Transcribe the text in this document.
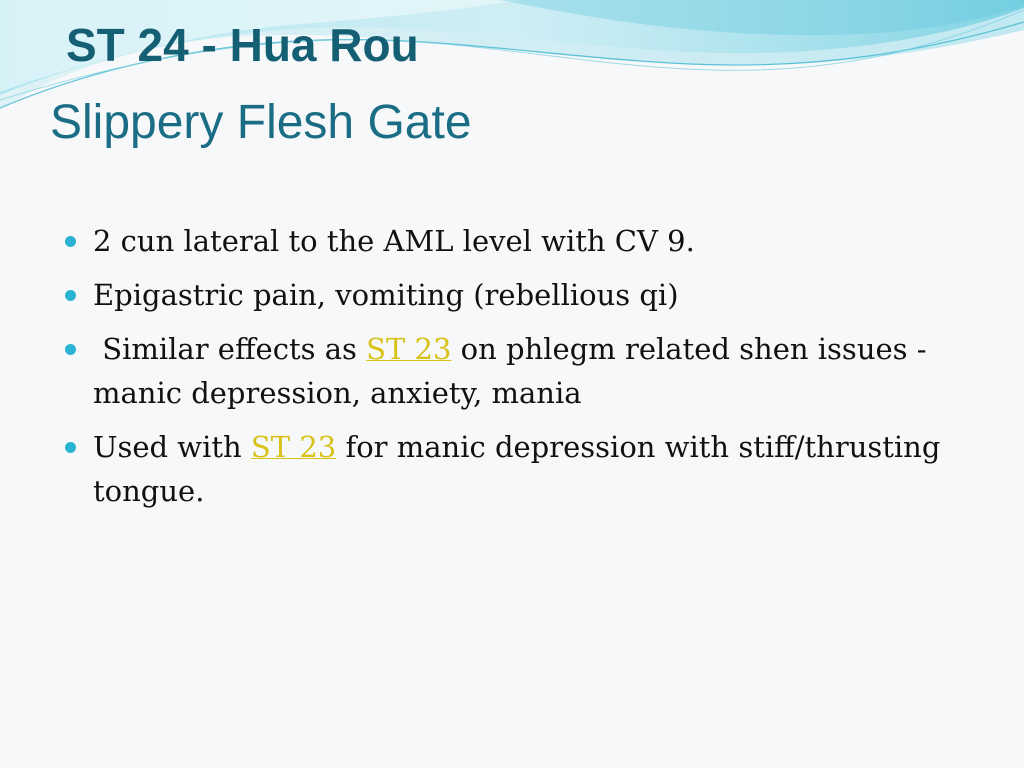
ST 24 - Hua Rou
Slippery Flesh Gate
2 cun lateral to the AML level with CV 9.
Epigastric pain, vomiting (rebellious qi)
Similar effects as ST 23 on phlegm related shen issues - manic depression, anxiety, mania
Used with ST 23 for manic depression with stiff/thrusting tongue.
